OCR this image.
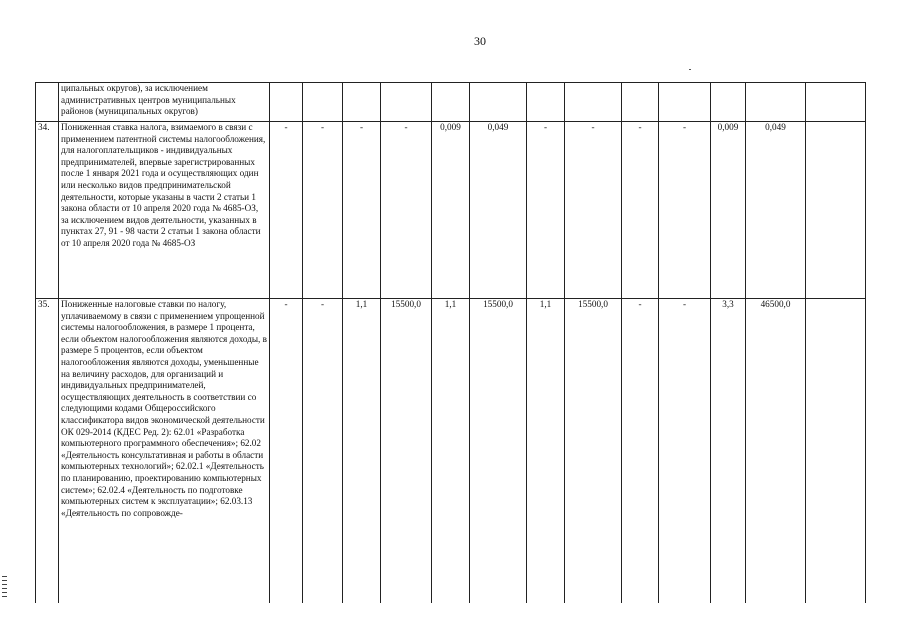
30
	ципальных округов), за исключением административных центров муниципальных районов (муниципальных округов)													
34.	Пониженная ставка налога, взимаемого в связи с применением патентной системы налогообложения, для налогоплательщиков - индивидуальных предпринимателей, впервые зарегистрированных после 1 января 2021 года и осуществляющих один или несколько видов предпринимательской деятельности, которые указаны в части 2 статьи 1 закона области от 10 апреля 2020 года № 4685-ОЗ, за исключением видов деятельности, указанных в пунктах 27, 91 - 98 части 2 статьи 1 закона области от 10 апреля 2020 года № 4685-ОЗ	-	-	-	-	0,009	0,049	-	-	-	-	0,009	0,049	
35.	Пониженные налоговые ставки по налогу, уплачиваемому в связи с применением упрощенной системы налогообложения, в размере 1 процента, если объектом налогообложения являются доходы, в размере 5 процентов, если объектом налогообложения являются доходы, уменьшенные на величину расходов, для организаций и индивидуальных предпринимателей, осуществляющих деятельность в соответствии со следующими кодами Общероссийского классификатора видов экономической деятельности ОК 029-2014 (КДЕС Ред. 2): 62.01 «Разработка компьютерного программного обеспечения»; 62.02 «Деятельность консультативная и работы в области компьютерных технологий»; 62.02.1 «Деятельность по планированию, проектированию компьютерных систем»; 62.02.4 «Деятельность по подготовке компьютерных систем к эксплуатации»; 62.03.13 «Деятельность по сопровожде-	-	-	1,1	15500,0	1,1	15500,0	1,1	15500,0	-	-	3,3	46500,0	
